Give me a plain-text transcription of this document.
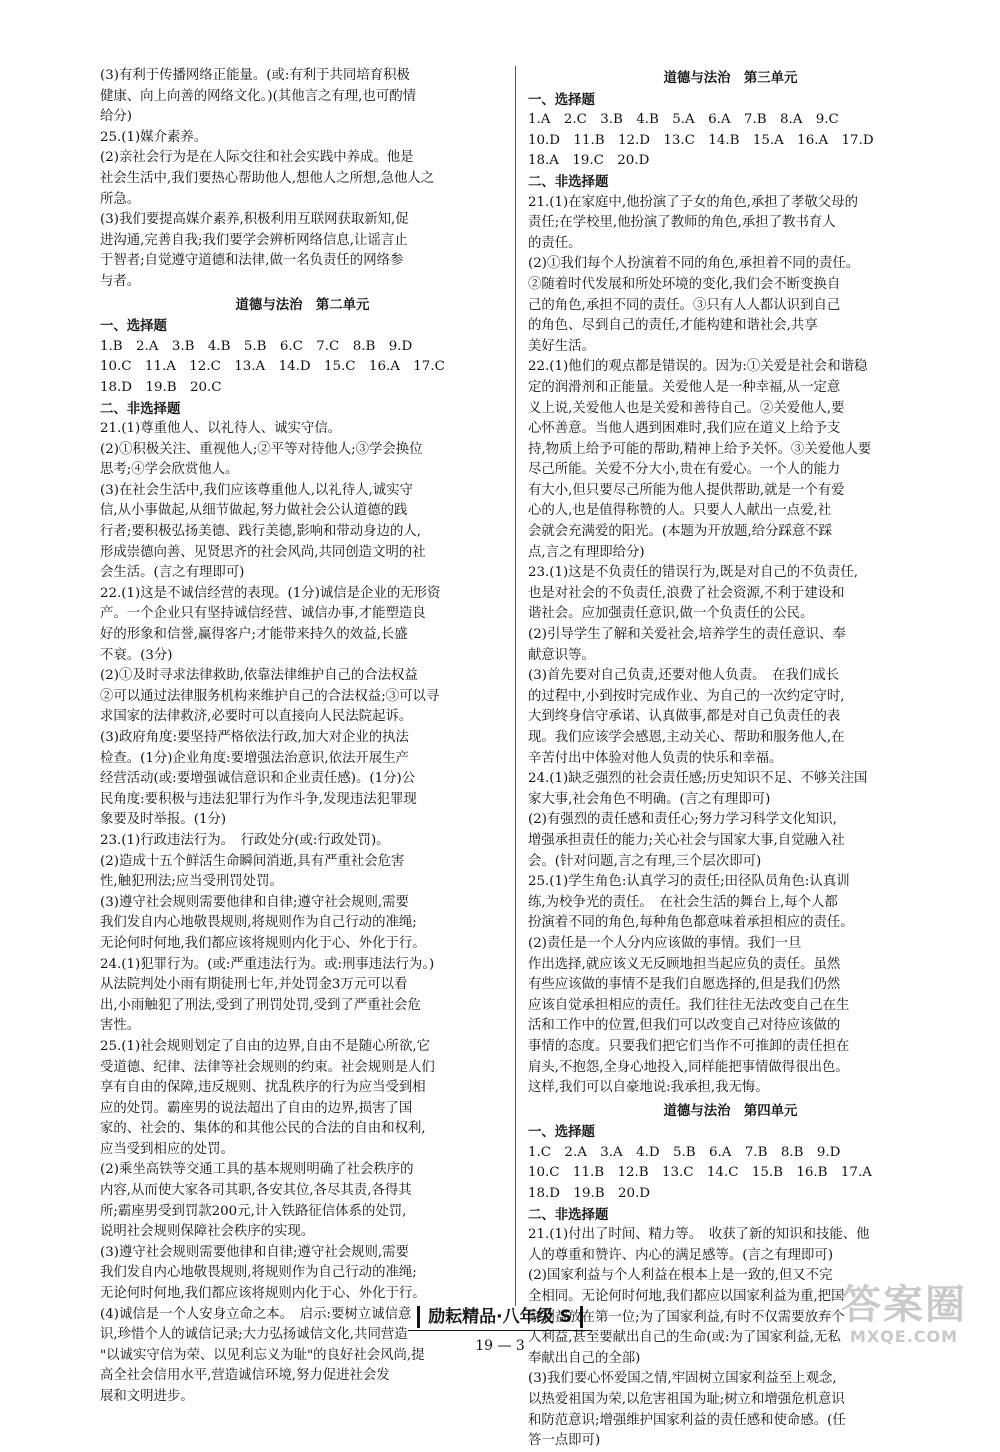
(3)有利于传播网络正能量。(或:有利于共同培育积极
健康、向上向善的网络文化。)(其他言之有理,也可酌情
给分)
25.(1)媒介素养。
(2)亲社会行为是在人际交往和社会实践中养成。他是
社会生活中,我们要热心帮助他人,想他人之所想,急他人之
所急。
(3)我们要提高媒介素养,积极利用互联网获取新知,促
进沟通,完善自我;我们要学会辨析网络信息,让谣言止
于智者;自觉遵守道德和法律,做一名负责任的网络参
与者。
道德与法治　第二单元
一、选择题
1.B　2.A　3.B　4.B　5.B　6.C　7.C　8.B　9.D
10.C　11.A　12.C　13.A　14.D　15.C　16.A　17.C
18.D　19.B　20.C
二、非选择题
21.(1)尊重他人、以礼待人、诚实守信。
(2)①积极关注、重视他人;②平等对待他人;③学会换位
思考;④学会欣赏他人。
(3)在社会生活中,我们应该尊重他人,以礼待人,诚实守
信,从小事做起,从细节做起,努力做社会公认道德的践
行者;要积极弘扬美德、践行美德,影响和带动身边的人,
形成崇德向善、见贤思齐的社会风尚,共同创造文明的社
会生活。(言之有理即可)
22.(1)这是不诚信经营的表现。(1分)诚信是企业的无形资
产。一个企业只有坚持诚信经营、诚信办事,才能塑造良
好的形象和信誉,赢得客户;才能带来持久的效益,长盛
不衰。(3分)
(2)①及时寻求法律救助,依靠法律维护自己的合法权益
②可以通过法律服务机构来维护自己的合法权益;③可以寻
求国家的法律救济,必要时可以直接向人民法院起诉。
(3)政府角度:要坚持严格依法行政,加大对企业的执法
检查。(1分)企业角度:要增强法治意识,依法开展生产
经营活动(或:要增强诚信意识和企业责任感)。(1分)公
民角度:要积极与违法犯罪行为作斗争,发现违法犯罪现
象要及时举报。(1分)
23.(1)行政违法行为。　行政处分(或:行政处罚)。
(2)造成十五个鲜活生命瞬间消逝,具有严重社会危害
性,触犯刑法;应当受刑罚处罚。
(3)遵守社会规则需要他律和自律;遵守社会规则,需要
我们发自内心地敬畏规则,将规则作为自己行动的准绳;
无论何时何地,我们都应该将规则内化于心、外化于行。
24.(1)犯罪行为。(或:严重违法行为。或:刑事违法行为。)
从法院判处小雨有期徒刑七年,并处罚金3万元可以看
出,小雨触犯了刑法,受到了刑罚处罚,受到了严重社会危
害性。
25.(1)社会规则划定了自由的边界,自由不是随心所欲,它
受道德、纪律、法律等社会规则的约束。社会规则是人们
享有自由的保障,违反规则、扰乱秩序的行为应当受到相
应的处罚。霸座男的说法超出了自由的边界,损害了国
家的、社会的、集体的和其他公民的合法的自由和权利,
应当受到相应的处罚。
(2)乘坐高铁等交通工具的基本规则明确了社会秩序的
内容,从而使大家各司其职,各安其位,各尽其责,各得其
所;霸座男受到罚款200元,计入铁路征信体系的处罚,
说明社会规则保障社会秩序的实现。
(3)遵守社会规则需要他律和自律;遵守社会规则,需要
我们发自内心地敬畏规则,将规则作为自己行动的准绳;
无论何时何地,我们都应该将规则内化于心、外化于行。
(4)诚信是一个人安身立命之本。　启示:要树立诚信意
识,珍惜个人的诚信记录;大力弘扬诚信文化,共同营造
"以诚实守信为荣、以见利忘义为耻"的良好社会风尚,提
高全社会信用水平,营造诚信环境,努力促进社会发
展和文明进步。
道德与法治　第三单元
一、选择题
1.A　2.C　3.B　4.B　5.A　6.A　7.B　8.A　9.C
10.D　11.B　12.D　13.C　14.B　15.A　16.A　17.D
18.A　19.C　20.D
二、非选择题
21.(1)在家庭中,他扮演了子女的角色,承担了孝敬父母的
责任;在学校里,他扮演了教师的角色,承担了教书育人
的责任。
(2)①我们每个人扮演着不同的角色,承担着不同的责任。
②随着时代发展和所处环境的变化,我们会不断变换自
己的角色,承担不同的责任。③只有人人都认识到自己
的角色、尽到自己的责任,才能构建和谐社会,共享
美好生活。
22.(1)他们的观点都是错误的。因为:①关爱是社会和谐稳
定的润滑剂和正能量。关爱他人是一种幸福,从一定意
义上说,关爱他人也是关爱和善待自己。②关爱他人,要
心怀善意。当他人遇到困难时,我们应在道义上给予支
持,物质上给予可能的帮助,精神上给予关怀。③关爱他人要
尽己所能。关爱不分大小,贵在有爱心。一个人的能力
有大小,但只要尽己所能为他人提供帮助,就是一个有爱
心的人,也是值得称赞的人。只要人人献出一点爱,社
会就会充满爱的阳光。(本题为开放题,给分踩意不踩
点,言之有理即给分)
23.(1)这是不负责任的错误行为,既是对自己的不负责任,
也是对社会的不负责任,浪费了社会资源,不利于建设和
谐社会。应加强责任意识,做一个负责任的公民。
(2)引导学生了解和关爱社会,培养学生的责任意识、奉
献意识等。
(3)首先要对自己负责,还要对他人负责。　在我们成长
的过程中,小到按时完成作业、为自己的一次约定守时,
大到终身信守承诺、认真做事,都是对自己负责任的表
现。我们应该学会感恩,主动关心、帮助和服务他人,在
辛苦付出中体验对他人负责的快乐和幸福。
24.(1)缺乏强烈的社会责任感;历史知识不足、不够关注国
家大事,社会角色不明确。(言之有理即可)
(2)有强烈的责任感和责任心;努力学习科学文化知识,
增强承担责任的能力;关心社会与国家大事,自觉融入社
会。(针对问题,言之有理,三个层次即可)
25.(1)学生角色:认真学习的责任;田径队员角色:认真训
练,为校争光的责任。　在社会生活的舞台上,每个人都
扮演着不同的角色,每种角色都意味着承担相应的责任。
(2)责任是一个人分内应该做的事情。我们一旦
作出选择,就应该义无反顾地担当起应负的责任。虽然
有些应该做的事情不是我们自愿选择的,但是我们仍然
应该自觉承担相应的责任。我们往往无法改变自己在生
活和工作中的位置,但我们可以改变自己对待应该做的
事情的态度。只要我们把它们当作不可推卸的责任担在
肩头,不抱怨,全身心地投入,同样能把事情做得很出色。
这样,我们可以自豪地说:我承担,我无悔。
道德与法治　第四单元
一、选择题
1.C　2.A　3.A　4.D　5.B　6.A　7.B　8.B　9.D
10.C　11.B　12.B　13.C　14.C　15.B　16.B　17.A
18.D　19.B　20.D
二、非选择题
21.(1)付出了时间、精力等。　收获了新的知识和技能、他
人的尊重和赞许、内心的满足感等。(言之有理即可)
(2)国家利益与个人利益在根本上是一致的,但又不完
全相同。无论何时何地,我们都应以国家利益为重,把国
家利益放在第一位;为了国家利益,有时不仅需要放弃个
人利益,甚至要献出自己的生命(或:为了国家利益,无私
奉献出自己的全部)
(3)我们要心怀爱国之情,牢固树立国家利益至上观念,
以热爱祖国为荣,以危害祖国为耻;树立和增强危机意识
和防范意识;增强维护国家利益的责任感和使命感。(任
答一点即可)
励耘精品·八年级 S
19 — 3
答案圈
MXQE.COM
